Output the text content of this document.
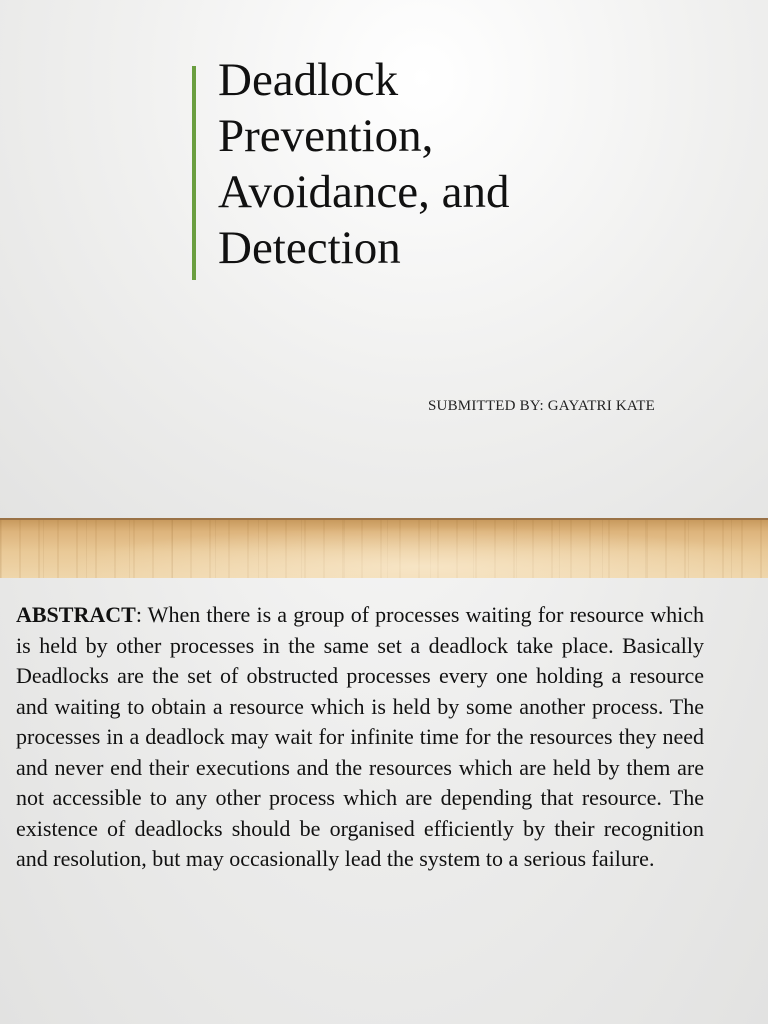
Deadlock
Prevention,
Avoidance, and
Detection
SUBMITTED BY: GAYATRI KATE

ABSTRACT: When there is a group of processes waiting for resource which is held by other processes in the same set a deadlock take place. Basically Deadlocks are the set of obstructed processes every one holding a resource and waiting to obtain a resource which is held by some another process. The processes in a deadlock may wait for infinite time for the resources they need and never end their executions and the resources which are held by them are not accessible to any other process which are depending that resource. The existence of deadlocks should be organised efficiently by their recognition and resolution, but may occasionally lead the system to a serious failure.
